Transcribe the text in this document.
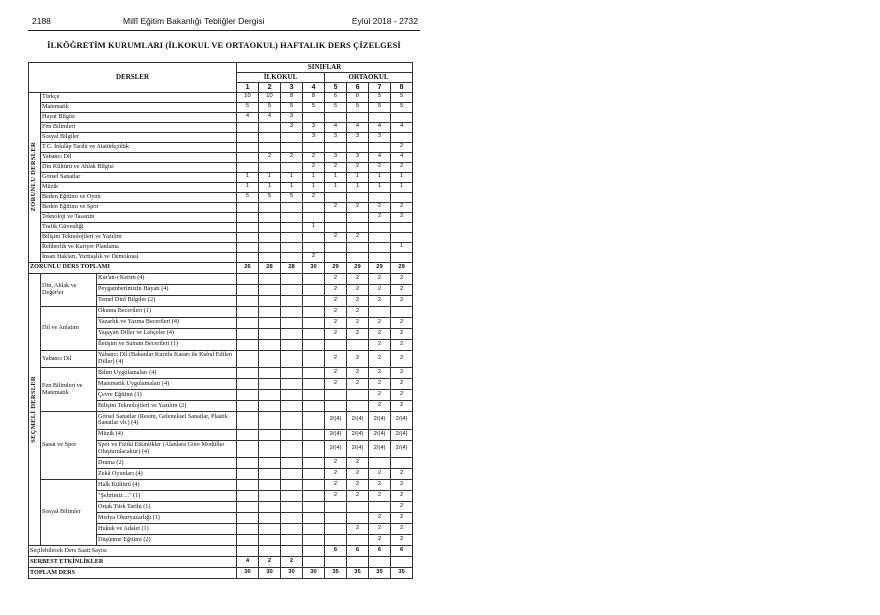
2188	Millî Eğitim Bakanlığı Tebliğler Dergisi	Eylül 2018 - 2732
İLKÖĞRETİM KURUMLARI (İLKOKUL VE ORTAOKUL) HAFTALIK DERS ÇİZELGESİ
DERSLER			SINIFLAR							
			İLKOKUL				ORTAOKUL			
			1	2	3	4	5	6	7	8

ZORUNLU DERSLER	Türkçe		10	10	8	8	6	6	5	5
	Matematik		5	5	5	5	5	5	5	5
	Hayat Bilgisi		4	4	3					
	Fen Bilimleri				3	3	4	4	4	4
	Sosyal Bilgiler					3	3	3	3	
	T.C. İnkılâp Tarihi ve Atatürkçülük									2
	Yabancı Dil			2	2	2	3	3	4	4
	Din Kültürü ve Ahlak Bilgisi					2	2	2	2	2
	Görsel Sanatlar		1	1	1	1	1	1	1	1
	Müzik		1	1	1	1	1	1	1	1
	Beden Eğitimi ve Oyun		5	5	5	2				
	Beden Eğitimi ve Spor						2	2	2	2
	Teknoloji ve Tasarım								2	2
	Trafik Güvenliği					1				
	Bilişim Teknolojileri ve Yazılım						2	2		
	Rehberlik ve Kariyer Planlama									1
	İnsan Hakları, Yurttaşlık ve Demokrasi					2				
ZORUNLU DERS TOPLAMI			26	28	28	30	29	29	29	29

SEÇMELİ DERSLER	Din, Ahlak ve Değerler	Kur'an-ı Kerim (4)					2	2	2	2
		Peygamberimizin Hayatı (4)					2	2	2	2
		Temel Dinî Bilgiler (2)					2	2	2	2
	Dil ve Anlatım	Okuma Becerileri (1)					2	2		
		Yazarlık ve Yazma Becerileri (4)					2	2	2	2
		Yaşayan Diller ve Lehçeler (4)					2	2	2	2
		İletişim ve Sunum Becerileri (1)							2	2
	Yabancı Dil	Yabancı Dil (Bakanlar Kurulu Kararı ile Kabul Edilen Diller) (4)					2	2	2	2
	Fen Bilimleri ve Matematik	Bilim Uygulamaları (4)					2	2	2	2
		Matematik Uygulamaları (4)					2	2	2	2
		Çevre Eğitimi (1)							2	2
		Bilişim Teknolojileri ve Yazılım (2)							2	2
	Sanat ve Spor	Görsel Sanatlar (Resim, Geleneksel Sanatlar, Plastik Sanatlar vb.) (4)					2/(4)	2/(4)	2/(4)	2/(4)
		Müzik (4)					2/(4)	2/(4)	2/(4)	2/(4)
		Spor ve Fiziki Etkinlikler (Alanlara Göre Modüller Oluşturulacaktır) (4)					2/(4)	2/(4)	2/(4)	2/(4)
		Drama (2)					2	2		
		Zekâ Oyunları (4)					2	2	2	2
	Sosyal Bilimler	Halk Kültürü (4)					2	2	2	2
		"Şehrimiz ..." (1)					2	2	2	2
		Ortak Türk Tarihi (1)								2
		Medya Okuryazarlığı (1)							2	2
		Hukuk ve Adalet (1)						2	2	2
		Düşünme Eğitimi (2)							2	2
Seçilebilecek Ders Saati Sayısı							6	6	6	6
SERBEST ETKİNLİKLER			4	2	2					
TOPLAM DERS			30	30	30	30	35	35	35	35
